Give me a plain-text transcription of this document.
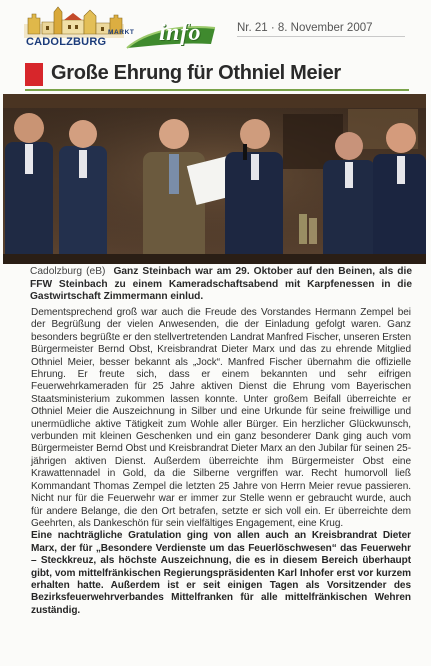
MARKT
CADOLZBURG info	Nr. 21 · 8. November 2007
Große Ehrung für Othniel Meier
Cadolzburg (eB) Ganz Steinbach war am 29. Oktober auf den Beinen, als die FFW Steinbach zu einem Kameradschaftsabend mit Karpfenessen in die Gastwirtschaft Zimmermann einlud.

Dementsprechend groß war auch die Freude des Vorstandes Hermann Zempel bei der Begrüßung der vielen Anwesenden, die der Einladung gefolgt waren. Ganz besonders begrüßte er den stellvertretenden Landrat Manfred Fischer, unseren Ersten Bürgermeister Bernd Obst, Kreisbrandrat Dieter Marx und das zu ehrende Mitglied Othniel Meier, besser bekannt als „Jock“. Manfred Fischer übernahm die offizielle Ehrung. Er freute sich, dass er einem bekannten und sehr eifrigen Feuerwehrkameraden für 25 Jahre aktiven Dienst die Ehrung vom Bayerischen Staatsministerium zukommen lassen konnte. Unter großem Beifall überreichte er Othniel Meier die Auszeichnung in Silber und eine Urkunde für seine freiwillige und unermüdliche aktive Tätigkeit zum Wohle aller Bürger. Ein herzlicher Glückwunsch, verbunden mit kleinen Geschenken und ein ganz besonderer Dank ging auch vom Bürgermeister Bernd Obst und Kreisbrandrat Dieter Marx an den Jubilar für seinen 25-jährigen aktiven Dienst. Außerdem überreichte ihm Bürgermeister Obst eine Krawattennadel in Gold, da die Silberne vergriffen war. Recht humorvoll ließ Kommandant Thomas Zempel die letzten 25 Jahre von Herrn Meier revue passieren. Nicht nur für die Feuerwehr war er immer zur Stelle wenn er gebraucht wurde, auch für andere Belange, die den Ort betrafen, setzte er sich voll ein. Er überreichte dem Geehrten, als Dankeschön für sein vielfältiges Engagement, eine Krug.

Eine nachträgliche Gratulation ging von allen auch an Kreisbrandrat Dieter Marx, der für „Besondere Verdienste um das Feuerlöschwesen“ das Feuerwehr – Steckkreuz, als höchste Auszeichnung, die es in diesem Bereich überhaupt gibt, vom mittelfränkischen Regierungspräsidenten Karl Inhofer erst vor kurzem erhalten hatte. Außerdem ist er seit einigen Tagen als Vorsitzender des Bezirksfeuerwehrverbandes Mittelfranken für alle mittelfränkischen Wehren zuständig.
